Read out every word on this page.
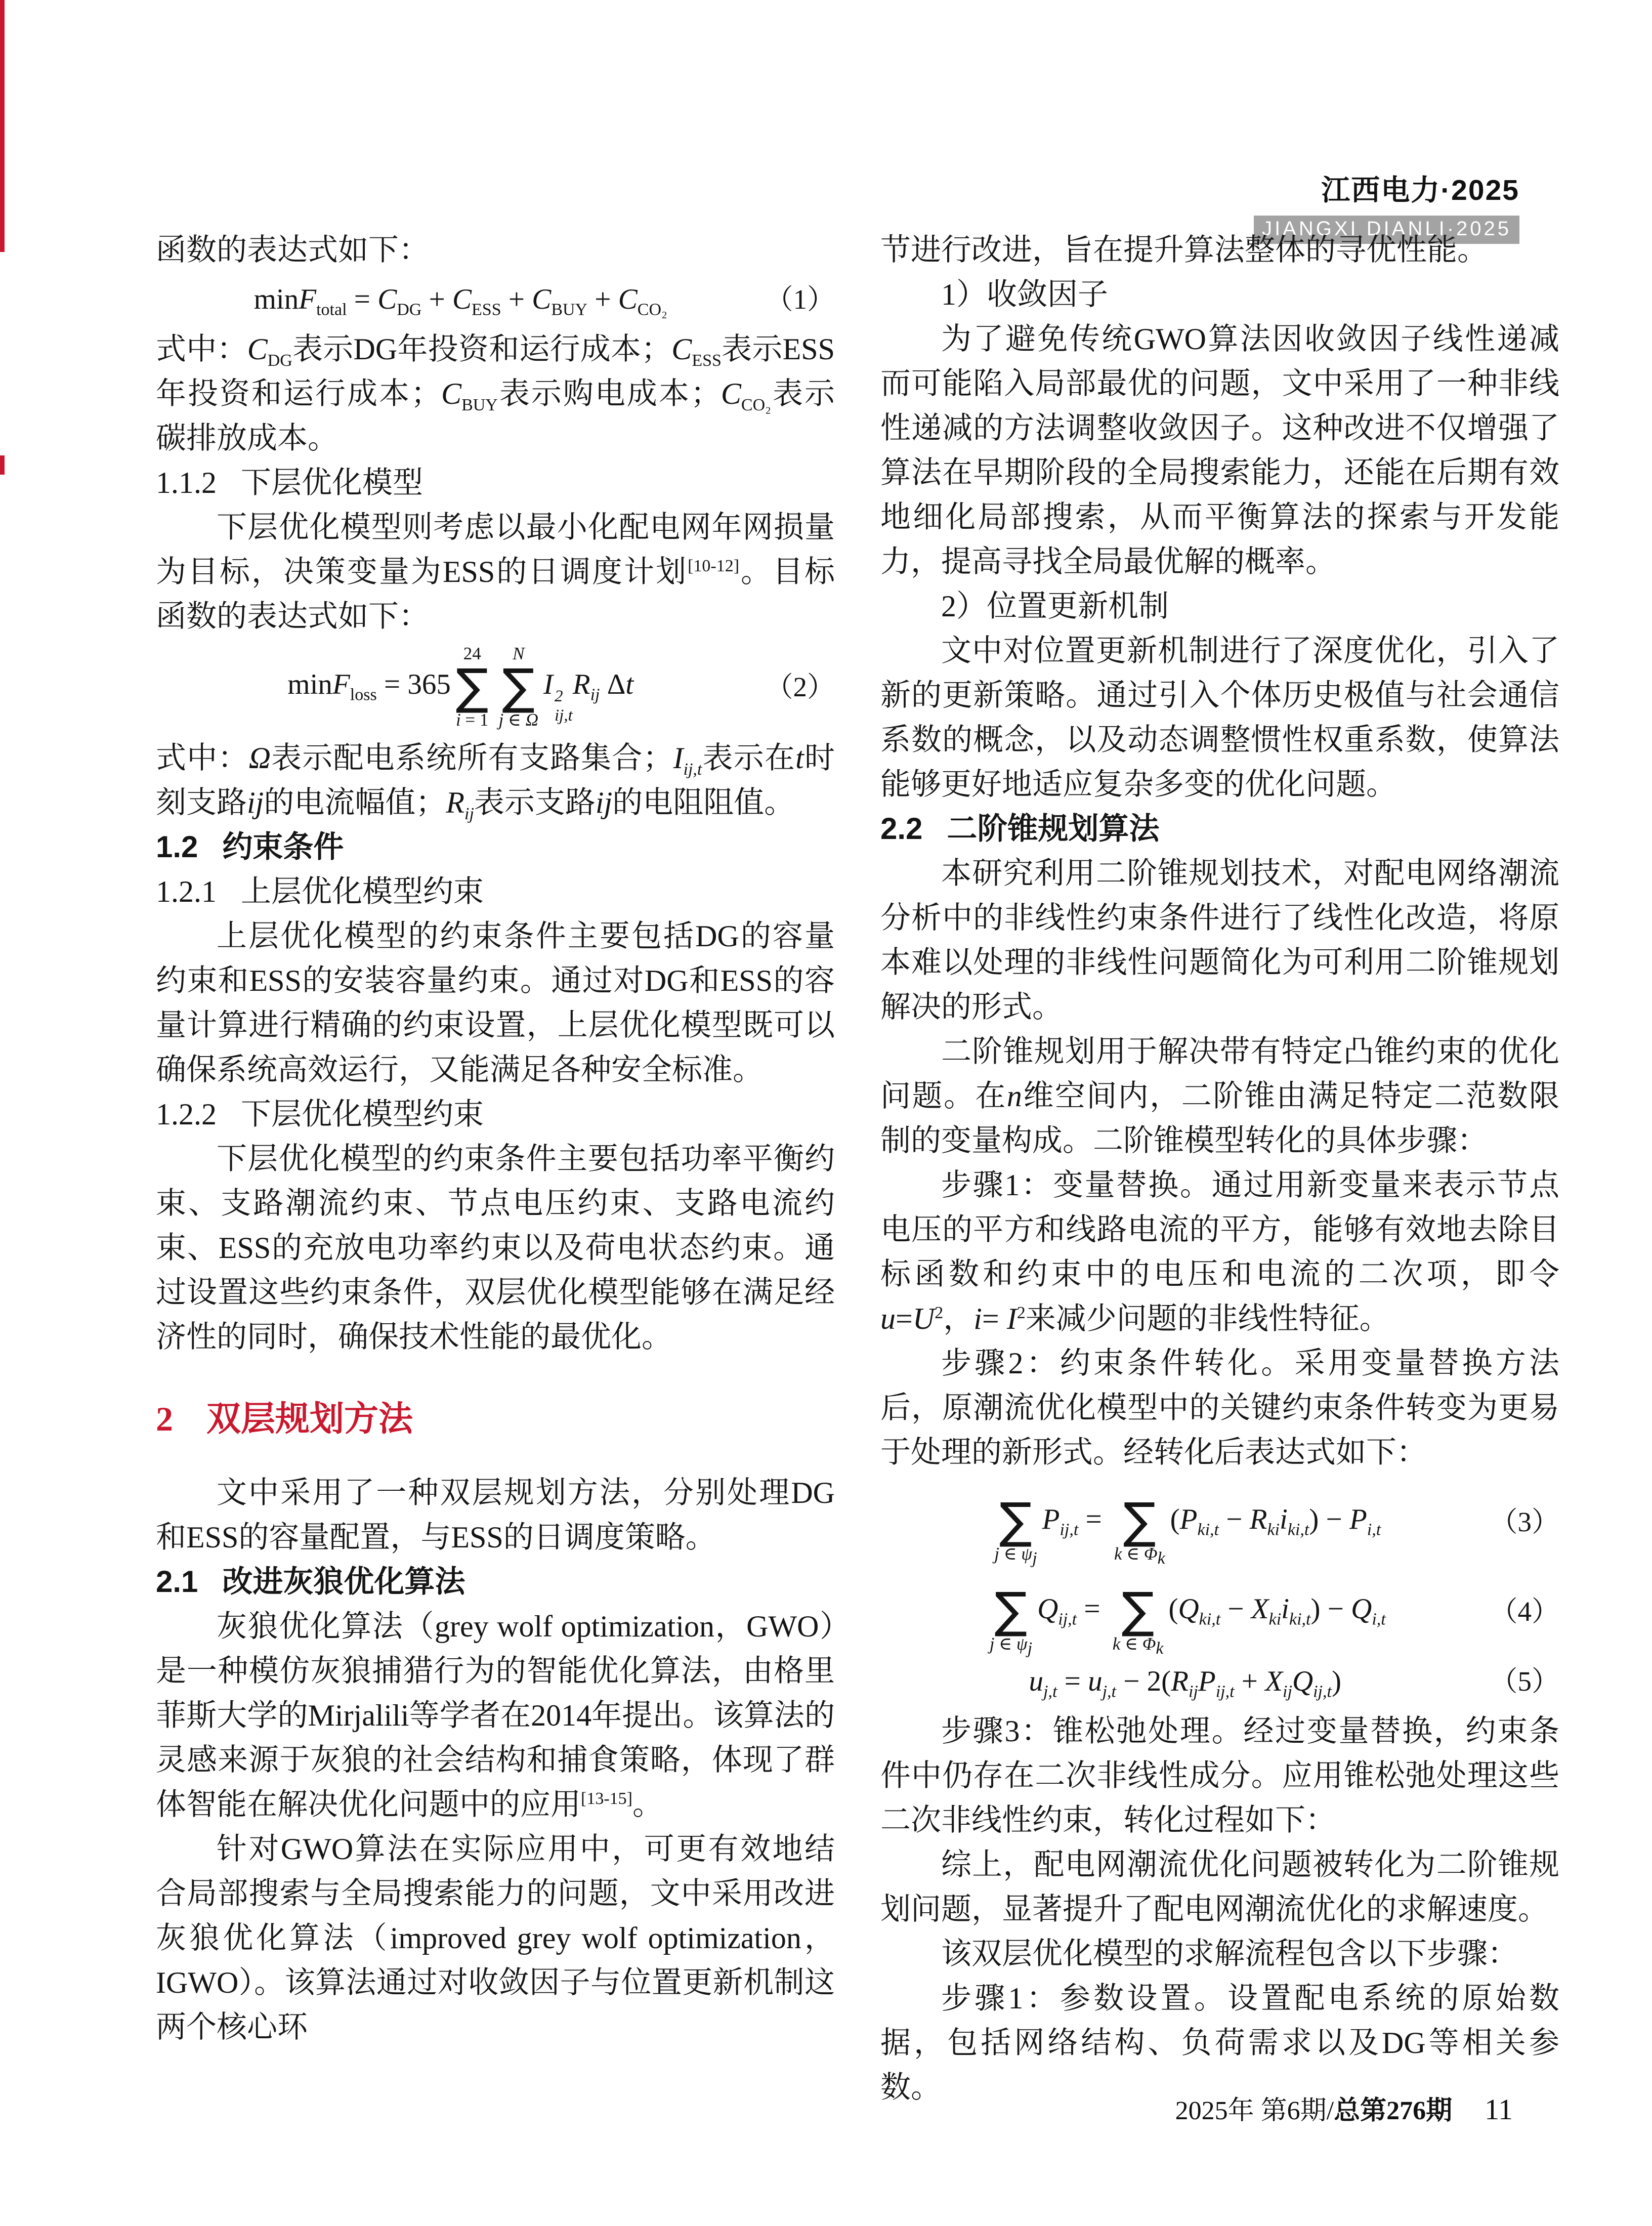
江西电力·2025
JIANGXI DIANLI·2025

函数的表达式如下：

$\min F_{total} = C_{DG} + C_{ESS} + C_{BUY} + C_{CO_2}$	（1）

式中：$C_{DG}$表示DG年投资和运行成本；$C_{ESS}$表示ESS年投资和运行成本；$C_{BUY}$表示购电成本；$C_{CO_2}$表示碳排放成本。

1.1.2 下层优化模型

下层优化模型则考虑以最小化配电网年网损量为目标，决策变量为ESS的日调度计划[10-12]。目标函数的表达式如下：

minF$_{loss}$ = 365
24
∑
i = 1
N
∑
j ∈ Ω
I 2
ij,t
$R_{ij}$ Δt	（2）

式中：Ω表示配电系统所有支路集合；$I_{ij,t}$表示在t时刻支路ij的电流幅值；$R_{ij}$表示支路ij的电阻阻值。

1.2 约束条件
1.2.1 上层优化模型约束

上层优化模型的约束条件主要包括DG的容量约束和ESS的安装容量约束。通过对DG和ESS的容量计算进行精确的约束设置，上层优化模型既可以确保系统高效运行，又能满足各种安全标准。

1.2.2 下层优化模型约束

下层优化模型的约束条件主要包括功率平衡约束、支路潮流约束、节点电压约束、支路电流约束、ESS的充放电功率约束以及荷电状态约束。通过设置这些约束条件，双层优化模型能够在满足经济性的同时，确保技术性能的最优化。

2 双层规划方法

文中采用了一种双层规划方法，分别处理DG和ESS的容量配置，与ESS的日调度策略。

2.1 改进灰狼优化算法

灰狼优化算法（grey wolf optimization，GWO）是一种模仿灰狼捕猎行为的智能优化算法，由格里菲斯大学的Mirjalili等学者在2014年提出。该算法的灵感来源于灰狼的社会结构和捕食策略，体现了群体智能在解决优化问题中的应用[13-15]。

针对GWO算法在实际应用中，可更有效地结合局部搜索与全局搜索能力的问题，文中采用改进灰狼优化算法（improved grey wolf optimization，IGWO）。该算法通过对收敛因子与位置更新机制这两个核心环

节进行改进，旨在提升算法整体的寻优性能。

1）收敛因子

为了避免传统GWO算法因收敛因子线性递减而可能陷入局部最优的问题，文中采用了一种非线性递减的方法调整收敛因子。这种改进不仅增强了算法在早期阶段的全局搜索能力，还能在后期有效地细化局部搜索，从而平衡算法的探索与开发能力，提高寻找全局最优解的概率。

2）位置更新机制

文中对位置更新机制进行了深度优化，引入了新的更新策略。通过引入个体历史极值与社会通信系数的概念，以及动态调整惯性权重系数，使算法能够更好地适应复杂多变的优化问题。

2.2 二阶锥规划算法

本研究利用二阶锥规划技术，对配电网络潮流分析中的非线性约束条件进行了线性化改造，将原本难以处理的非线性问题简化为可利用二阶锥规划解决的形式。

二阶锥规划用于解决带有特定凸锥约束的优化问题。在n维空间内，二阶锥由满足特定二范数限制的变量构成。二阶锥模型转化的具体步骤：

步骤1：变量替换。通过用新变量来表示节点电压的平方和线路电流的平方，能够有效地去除目标函数和约束中的电压和电流的二次项，即令$u=U^2$，$i= I^2$来减少问题的非线性特征。

步骤2：约束条件转化。采用变量替换方法后，原潮流优化模型中的关键约束条件转变为更易于处理的新形式。经转化后表达式如下：

∑
j ∈ $\psi_j$
$P_{ij,t}$ = ∑
k ∈ $\Phi_k$
$(P_{ki,t} - R_{ki}i_{ki,t}) - P_{i,t}$	（3）
∑
j ∈ $\psi_j$
$Q_{ij,t}$ = ∑
k ∈ $\Phi_k$
$(Q_{ki,t} - X_{ki}i_{ki,t}) - Q_{i,t}$	（4）
$u_{j,t} = u_{j,t} - 2(R_{ij}P_{ij,t} + X_{ij}Q_{ij,t})$	（5）

步骤3：锥松弛处理。经过变量替换，约束条件中仍存在二次非线性成分。应用锥松弛处理这些二次非线性约束，转化过程如下：

综上，配电网潮流优化问题被转化为二阶锥规划问题，显著提升了配电网潮流优化的求解速度。

该双层优化模型的求解流程包含以下步骤：

步骤1：参数设置。设置配电系统的原始数据，包括网络结构、负荷需求以及DG等相关参数。

2025年 第6期/总第276期 11
